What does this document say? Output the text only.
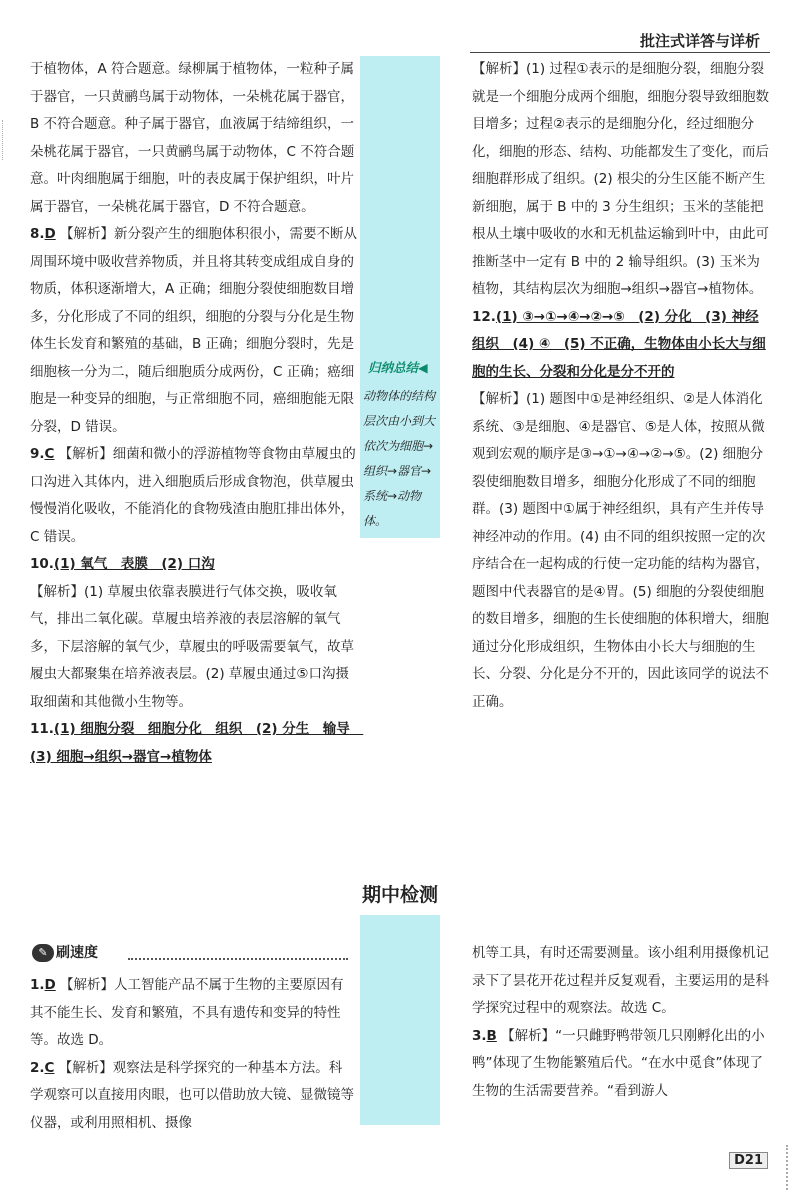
批注式详答与详析
归纳总结◀
动物体的结构层次由小到大依次为细胞→组织→器官→系统→动物体。

于植物体，A 符合题意。绿柳属于植物体，一粒种子属于器官，一只黄鹂鸟属于动物体，一朵桃花属于器官，B 不符合题意。种子属于器官，血液属于结缔组织，一朵桃花属于器官，一只黄鹂鸟属于动物体，C 不符合题意。叶肉细胞属于细胞，叶的表皮属于保护组织，叶片属于器官，一朵桃花属于器官，D 不符合题意。

8.D 【解析】新分裂产生的细胞体积很小，需要不断从周围环境中吸收营养物质，并且将其转变成组成自身的物质，体积逐渐增大，A 正确；细胞分裂使细胞数目增多，分化形成了不同的组织，细胞的分裂与分化是生物体生长发育和繁殖的基础，B 正确；细胞分裂时，先是细胞核一分为二，随后细胞质分成两份，C 正确；癌细胞是一种变异的细胞，与正常细胞不同，癌细胞能无限分裂，D 错误。

9.C 【解析】细菌和微小的浮游植物等食物由草履虫的口沟进入其体内，进入细胞质后形成食物泡，供草履虫慢慢消化吸收，不能消化的食物残渣由胞肛排出体外，C 错误。

10.(1) 氧气　表膜　(2) 口沟

【解析】(1) 草履虫依靠表膜进行气体交换，吸收氧气，排出二氧化碳。草履虫培养液的表层溶解的氧气多，下层溶解的氧气少，草履虫的呼吸需要氧气，故草履虫大都聚集在培养液表层。(2) 草履虫通过⑤口沟摄取细菌和其他微小生物等。

11.(1) 细胞分裂　细胞分化　组织　(2) 分生　输导　(3) 细胞→组织→器官→植物体

【解析】(1) 过程①表示的是细胞分裂，细胞分裂就是一个细胞分成两个细胞，细胞分裂导致细胞数目增多；过程②表示的是细胞分化，经过细胞分化，细胞的形态、结构、功能都发生了变化，而后细胞群形成了组织。(2) 根尖的分生区能不断产生新细胞，属于 B 中的 3 分生组织；玉米的茎能把根从土壤中吸收的水和无机盐运输到叶中，由此可推断茎中一定有 B 中的 2 输导组织。(3) 玉米为植物，其结构层次为细胞→组织→器官→植物体。

12.(1) ③→①→④→②→⑤　(2) 分化　(3) 神经组织　(4) ④　(5) 不正确，生物体由小长大与细胞的生长、分裂和分化是分不开的

【解析】(1) 题图中①是神经组织、②是人体消化系统、③是细胞、④是器官、⑤是人体，按照从微观到宏观的顺序是③→①→④→②→⑤。(2) 细胞分裂使细胞数目增多，细胞分化形成了不同的细胞群。(3) 题图中①属于神经组织，具有产生并传导神经冲动的作用。(4) 由不同的组织按照一定的次序结合在一起构成的行使一定功能的结构为器官，题图中代表器官的是④胃。(5) 细胞的分裂使细胞的数目增多，细胞的生长使细胞的体积增大，细胞通过分化形成组织，生物体由小长大与细胞的生长、分裂、分化是分不开的，因此该同学的说法不正确。

期中检测
✎ 刷速度

1.D 【解析】人工智能产品不属于生物的主要原因有其不能生长、发育和繁殖，不具有遗传和变异的特性等。故选 D。

2.C 【解析】观察法是科学探究的一种基本方法。科学观察可以直接用肉眼，也可以借助放大镜、显微镜等仪器，或利用照相机、摄像

机等工具，有时还需要测量。该小组利用摄像机记录下了昙花开花过程并反复观看，主要运用的是科学探究过程中的观察法。故选 C。

3.B 【解析】“一只雌野鸭带领几只刚孵化出的小鸭”体现了生物能繁殖后代。“在水中觅食”体现了生物的生活需要营养。“看到游人

D21
